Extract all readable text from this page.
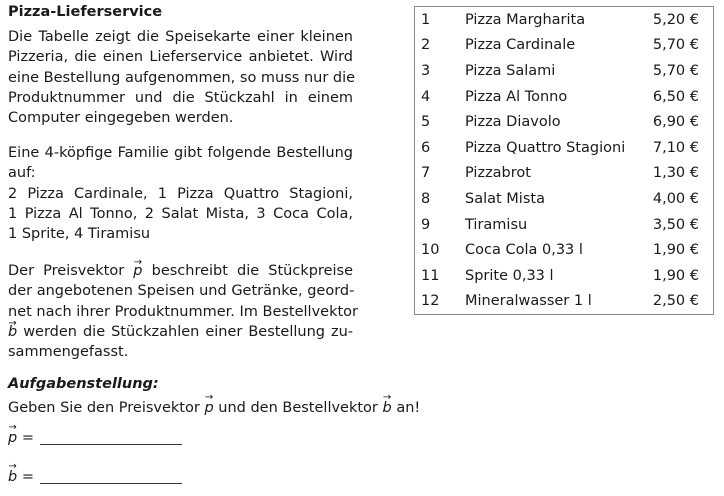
Pizza-Lieferservice

Die Tabelle zeigt die Speisekarte einer kleinen
Pizzeria, die einen Lieferservice anbietet. Wird
eine Bestellung aufgenommen, so muss nur die
Produktnummer und die Stückzahl in einem
Computer eingegeben werden.

Eine 4-köpfige Familie gibt folgende Bestellung
auf:
2 Pizza Cardinale, 1 Pizza Quattro Stagioni,
1 Pizza Al Tonno, 2 Salat Mista, 3 Coca Cola,
1 Sprite, 4 Tiramisu

Der Preisvektor → p beschreibt die Stückpreise
der angebotenen Speisen und Getränke, geord-
net nach ihrer Produktnummer. Im Bestellvektor
→ b werden die Stückzahlen einer Bestellung zu-
sammengefasst.

Aufgabenstellung:
Geben Sie den Preisvektor → p und den Bestellvektor → b an!
→ p =
→ b =
1	Pizza Margharita	5,20 €
2	Pizza Cardinale	5,70 €
3	Pizza Salami	5,70 €
4	Pizza Al Tonno	6,50 €
5	Pizza Diavolo	6,90 €
6	Pizza Quattro Stagioni	7,10 €
7	Pizzabrot	1,30 €
8	Salat Mista	4,00 €
9	Tiramisu	3,50 €
10	Coca Cola 0,33 l	1,90 €
11	Sprite 0,33 l	1,90 €
12	Mineralwasser 1 l	2,50 €
